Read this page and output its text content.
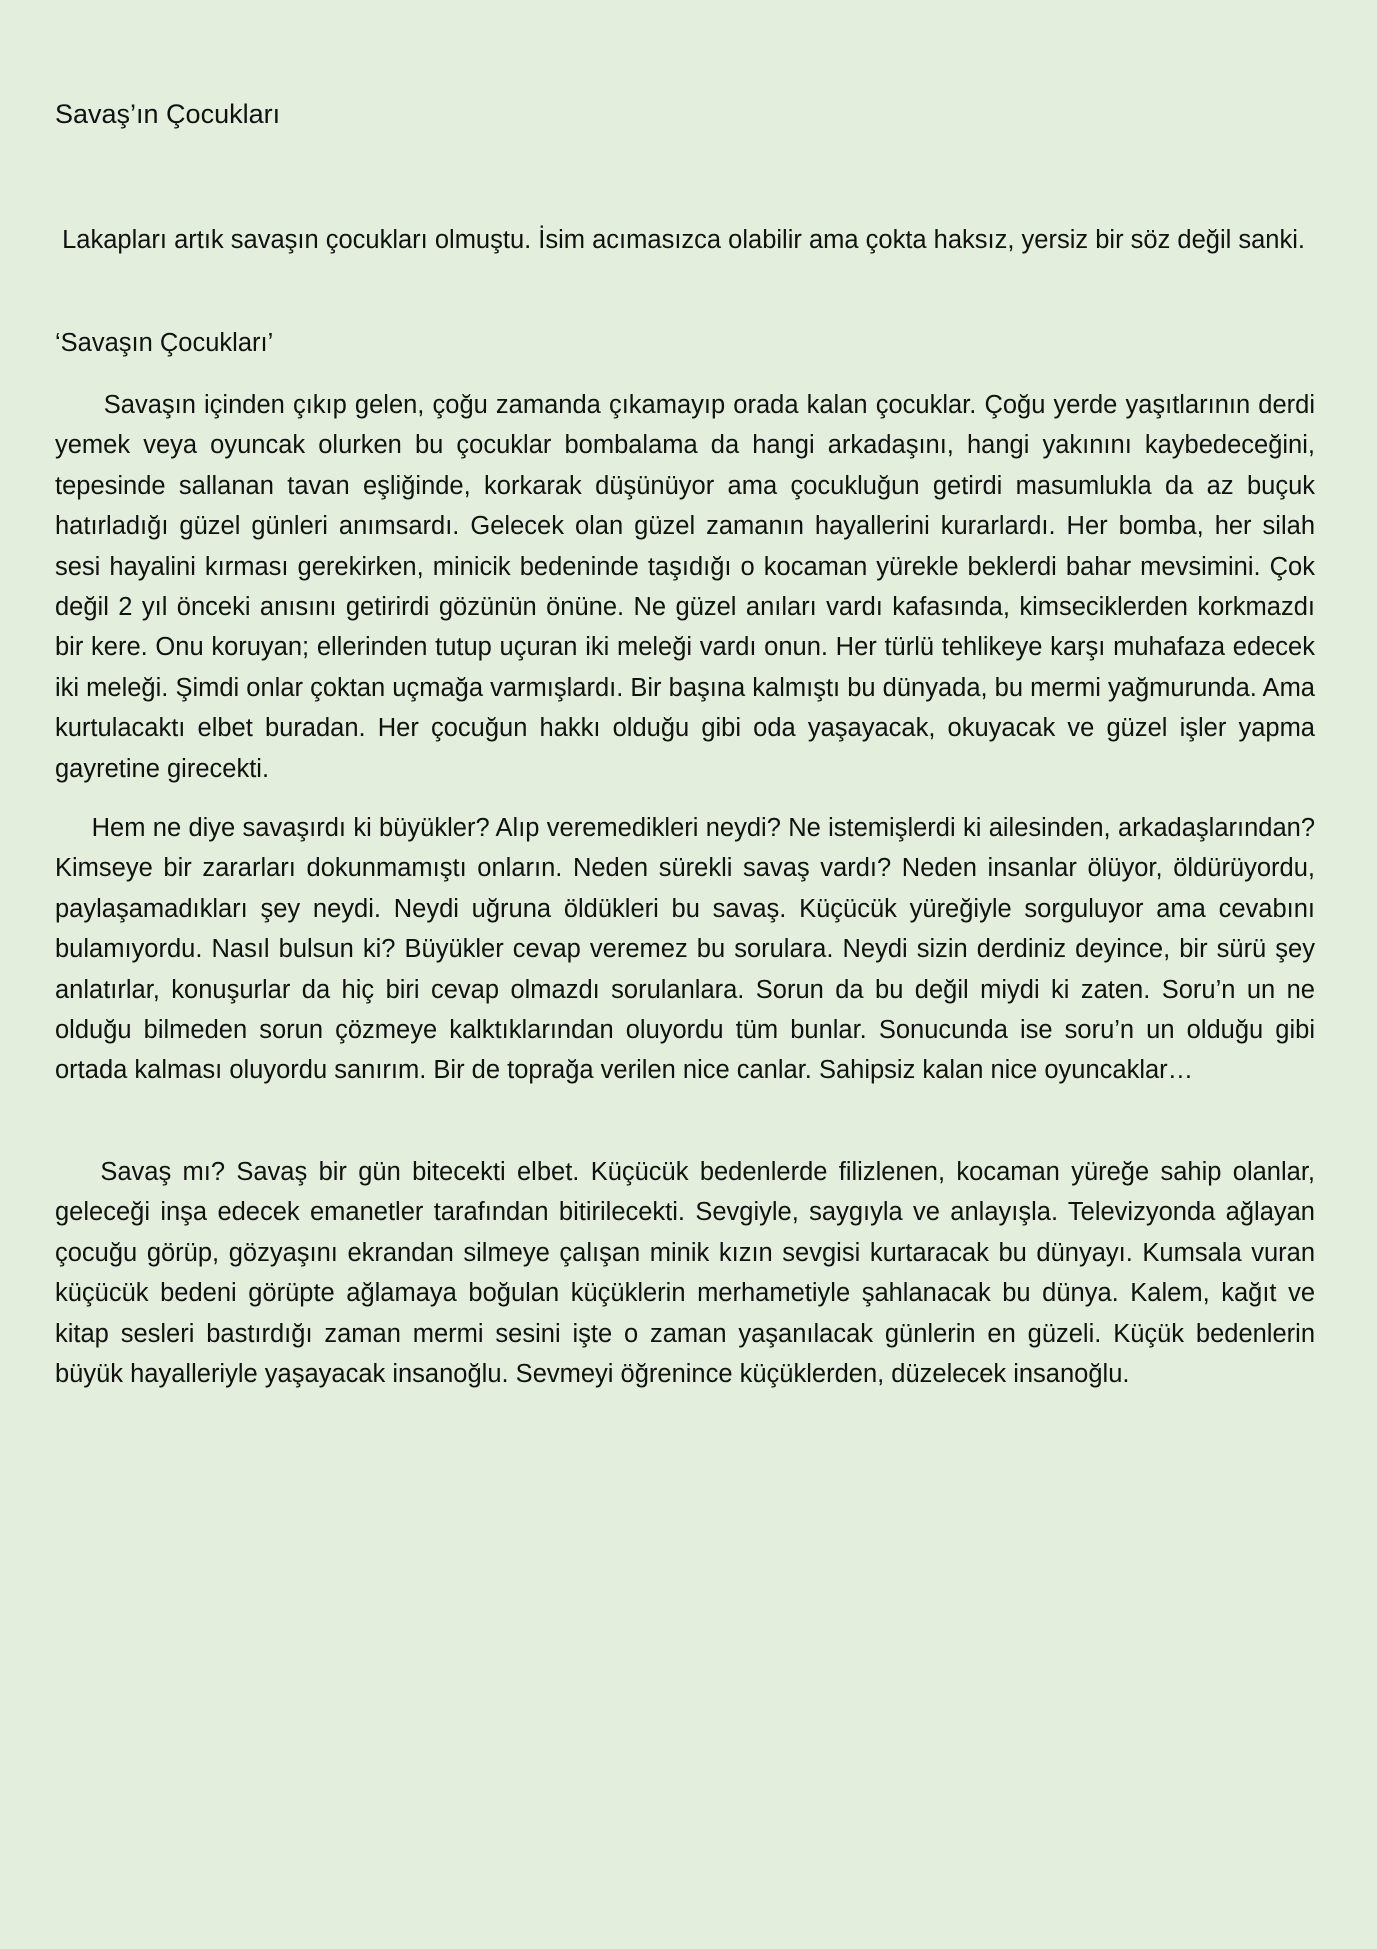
Savaş’ın Çocukları

Lakapları artık savaşın çocukları olmuştu. İsim acımasızca olabilir ama çokta haksız, yersiz bir söz değil sanki.

‘Savaşın Çocukları’

Savaşın içinden çıkıp gelen, çoğu zamanda çıkamayıp orada kalan çocuklar. Çoğu yerde yaşıtlarının derdi yemek veya oyuncak olurken bu çocuklar bombalama da hangi arkadaşını, hangi yakınını kaybedeceğini, tepesinde sallanan tavan eşliğinde, korkarak düşünüyor ama çocukluğun getirdi masumlukla da az buçuk hatırladığı güzel günleri anımsardı. Gelecek olan güzel zamanın hayallerini kurarlardı. Her bomba, her silah sesi hayalini kırması gerekirken, minicik bedeninde taşıdığı o kocaman yürekle beklerdi bahar mevsimini. Çok değil 2 yıl önceki anısını getirirdi gözünün önüne. Ne güzel anıları vardı kafasında, kimseciklerden korkmazdı bir kere. Onu koruyan; ellerinden tutup uçuran iki meleği vardı onun. Her türlü tehlikeye karşı muhafaza edecek iki meleği. Şimdi onlar çoktan uçmağa varmışlardı. Bir başına kalmıştı bu dünyada, bu mermi yağmurunda. Ama kurtulacaktı elbet buradan. Her çocuğun hakkı olduğu gibi oda yaşayacak, okuyacak ve güzel işler yapma gayretine girecekti.

Hem ne diye savaşırdı ki büyükler? Alıp veremedikleri neydi? Ne istemişlerdi ki ailesinden, arkadaşlarından? Kimseye bir zararları dokunmamıştı onların. Neden sürekli savaş vardı? Neden insanlar ölüyor, öldürüyordu, paylaşamadıkları şey neydi. Neydi uğruna öldükleri bu savaş. Küçücük yüreğiyle sorguluyor ama cevabını bulamıyordu. Nasıl bulsun ki? Büyükler cevap veremez bu sorulara. Neydi sizin derdiniz deyince, bir sürü şey anlatırlar, konuşurlar da hiç biri cevap olmazdı sorulanlara. Sorun da bu değil miydi ki zaten. Soru’n un ne olduğu bilmeden sorun çözmeye kalktıklarından oluyordu tüm bunlar. Sonucunda ise soru’n un olduğu gibi ortada kalması oluyordu sanırım. Bir de toprağa verilen nice canlar. Sahipsiz kalan nice oyuncaklar…

Savaş mı? Savaş bir gün bitecekti elbet. Küçücük bedenlerde filizlenen, kocaman yüreğe sahip olanlar, geleceği inşa edecek emanetler tarafından bitirilecekti. Sevgiyle, saygıyla ve anlayışla. Televizyonda ağlayan çocuğu görüp, gözyaşını ekrandan silmeye çalışan minik kızın sevgisi kurtaracak bu dünyayı. Kumsala vuran küçücük bedeni görüpte ağlamaya boğulan küçüklerin merhametiyle şahlanacak bu dünya. Kalem, kağıt ve kitap sesleri bastırdığı zaman mermi sesini işte o zaman yaşanılacak günlerin en güzeli. Küçük bedenlerin büyük hayalleriyle yaşayacak insanoğlu. Sevmeyi öğrenince küçüklerden, düzelecek insanoğlu.
